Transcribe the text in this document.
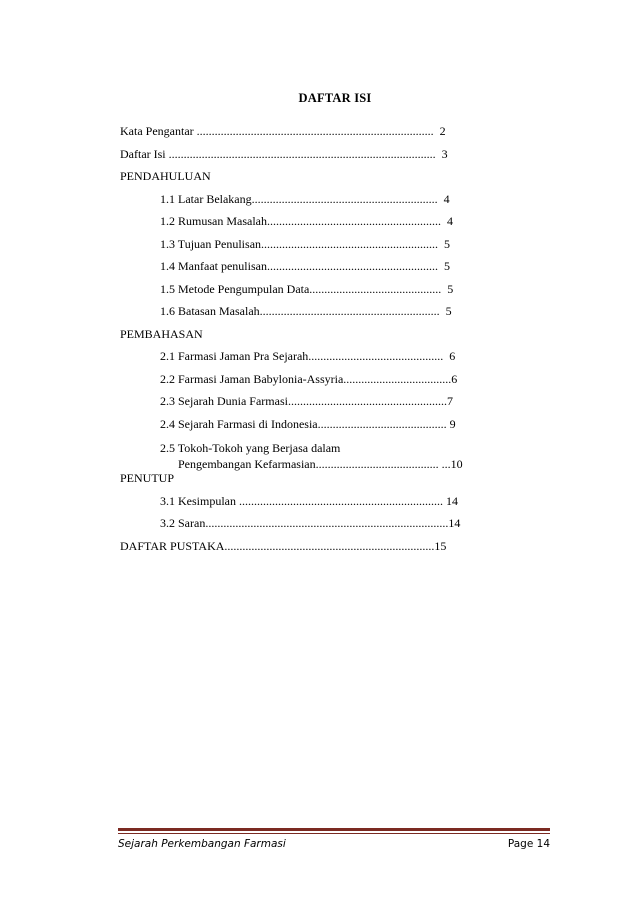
DAFTAR ISI
Kata Pengantar ...............................................................................  2
Daftar Isi .........................................................................................  3
PENDAHULUAN
1.1 Latar Belakang..............................................................  4
1.2 Rumusan Masalah..........................................................  4
1.3 Tujuan Penulisan...........................................................  5
1.4 Manfaat penulisan.........................................................  5
1.5 Metode Pengumpulan Data............................................  5
1.6 Batasan Masalah............................................................  5
PEMBAHASAN
2.1 Farmasi Jaman Pra Sejarah.............................................  6
2.2 Farmasi Jaman Babylonia-Assyria....................................6
2.3 Sejarah Dunia Farmasi.....................................................7
2.4 Sejarah Farmasi di Indonesia........................................... 9
2.5 Tokoh-Tokoh yang Berjasa dalam
Pengembangan Kefarmasian......................................... ...10
PENUTUP
3.1 Kesimpulan .................................................................... 14
3.2 Saran.................................................................................14
DAFTAR PUSTAKA......................................................................15
Sejarah Perkembangan Farmasi	Page 14
